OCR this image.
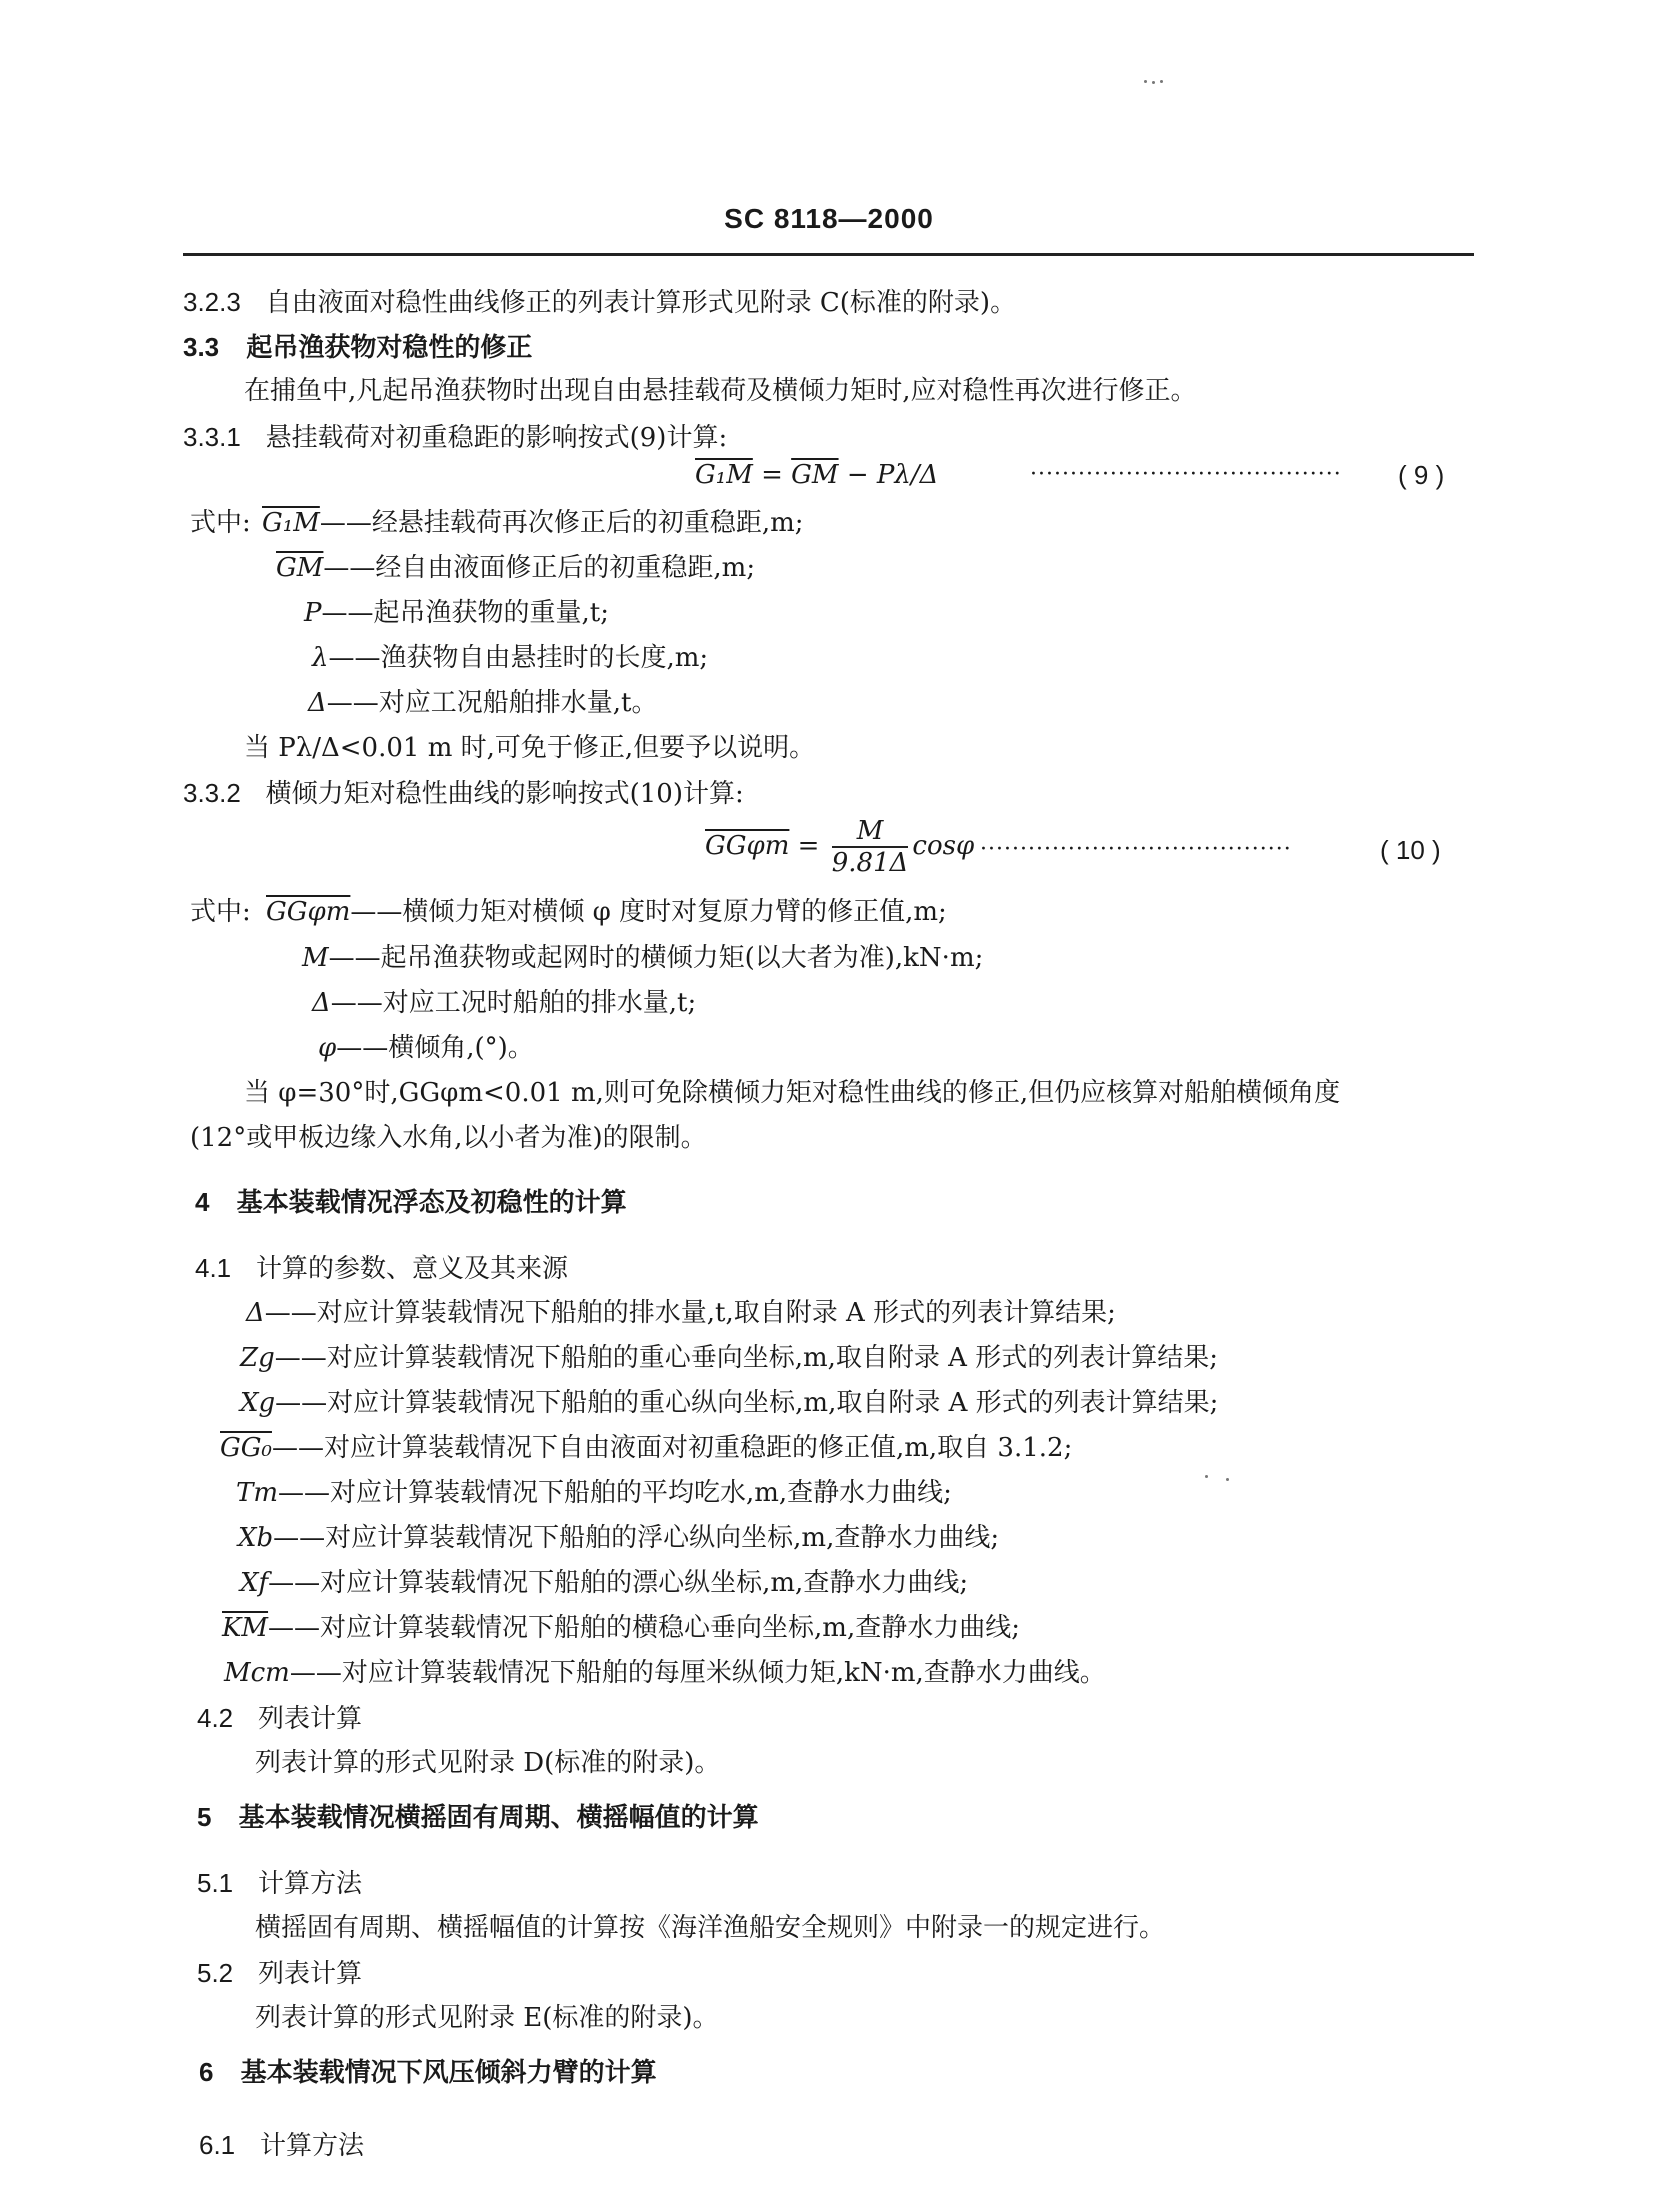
SC 8118—2000
3.2.3 自由液面对稳性曲线修正的列表计算形式见附录 C(标准的附录)。
3.3 起吊渔获物对稳性的修正
在捕鱼中,凡起吊渔获物时出现自由悬挂载荷及横倾力矩时,应对稳性再次进行修正。
3.3.1 悬挂载荷对初重稳距的影响按式(9)计算:
$G_1M = \overline{GM} - P\lambda/\Delta$	······································· ( 9 )
式中: G₁M——经悬挂载荷再次修正后的初重稳距,m;
$\overline{GM}——$经自由液面修正后的初重稳距,m;
P——起吊渔获物的重量,t;
λ——渔获物自由悬挂时的长度,m;
Δ——对应工况船舶排水量,t。
当 Pλ/Δ<0.01 m 时,可免于修正,但要予以说明。
3.3.2 横倾力矩对稳性曲线的影响按式(10)计算:
$GG\varphi m = \frac{M}{9.81\Delta}$ cosφ ·······································	( 10 )
式中: GGφm——横倾力矩对横倾 φ 度时对复原力臂的修正值,m;
M——起吊渔获物或起网时的横倾力矩(以大者为准),kN·m;
Δ——对应工况时船舶的排水量,t;
φ——横倾角,(°)。
当 φ=30°时,GGφm<0.01 m,则可免除横倾力矩对稳性曲线的修正,但仍应核算对船舶横倾角度
(12°或甲板边缘入水角,以小者为准)的限制。
4 基本装载情况浮态及初稳性的计算
4.1 计算的参数、意义及其来源
Δ——对应计算装载情况下船舶的排水量,t,取自附录 A 形式的列表计算结果;
Zg——对应计算装载情况下船舶的重心垂向坐标,m,取自附录 A 形式的列表计算结果;
Xg——对应计算装载情况下船舶的重心纵向坐标,m,取自附录 A 形式的列表计算结果;
GG₀——对应计算装载情况下自由液面对初重稳距的修正值,m,取自 3.1.2;
Tm——对应计算装载情况下船舶的平均吃水,m,查静水力曲线;
Xb——对应计算装载情况下船舶的浮心纵向坐标,m,查静水力曲线;
Xf——对应计算装载情况下船舶的漂心纵坐标,m,查静水力曲线;
$\overline{KM}——$对应计算装载情况下船舶的横稳心垂向坐标,m,查静水力曲线;
Mcm——对应计算装载情况下船舶的每厘米纵倾力矩,kN·m,查静水力曲线。
4.2 列表计算
列表计算的形式见附录 D(标准的附录)。
5 基本装载情况横摇固有周期、横摇幅值的计算
5.1 计算方法
横摇固有周期、横摇幅值的计算按《海洋渔船安全规则》中附录一的规定进行。
5.2 列表计算
列表计算的形式见附录 E(标准的附录)。
6 基本装载情况下风压倾斜力臂的计算
6.1 计算方法
